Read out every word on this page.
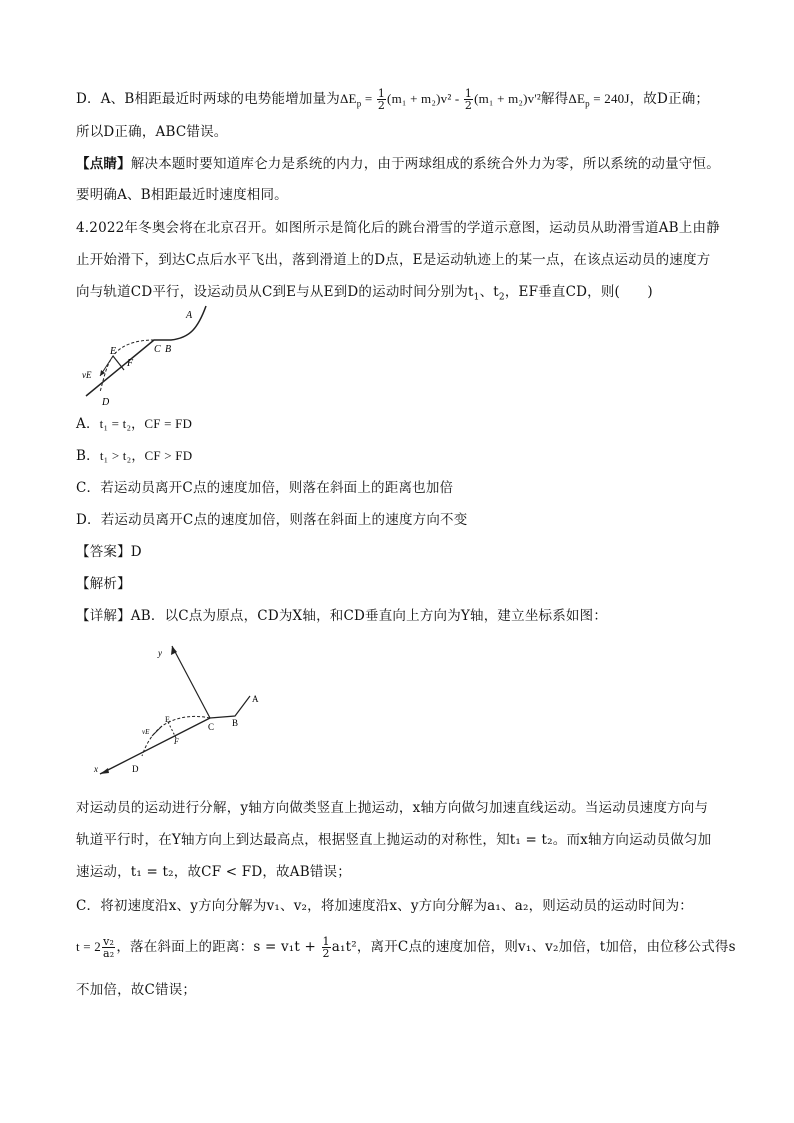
D．A、B相距最近时两球的电势能增加量为$\Delta E_p = \frac{1}{2} (m_1 + m_2)v^2 - \frac{1}{2} (m_1 + m_2)v'^2$解得$\Delta E_p = 240J$，故D正确；
所以D正确，ABC错误。
【点睛】解决本题时要知道库仑力是系统的内力，由于两球组成的系统合外力为零，所以系统的动量守恒。
要明确A、B相距最近时速度相同。
4.2022年冬奥会将在北京召开。如图所示是简化后的跳台滑雪的学道示意图，运动员从助滑雪道AB上由静
止开始滑下，到达C点后水平飞出，落到滑道上的D点，E是运动轨迹上的某一点，在该点运动员的速度方
向与轨道CD平行，设运动员从C到E与从E到D的运动时间分别为$t_1$、$t_2$，EF垂直CD，则(　　)
A
C B
E
F
vE
D
A．t₁ = t₂，CF = FD
B．t₁ > t₂，CF > FD
C．若运动员离开C点的速度加倍，则落在斜面上的距离也加倍
D．若运动员离开C点的速度加倍，则落在斜面上的速度方向不变
【答案】D
【解析】
【详解】AB．以C点为原点，CD为X轴，和CD垂直向上方向为Y轴，建立坐标系如图：
y
A
B
C
E
F
vE
D
x
对运动员的运动进行分解，y轴方向做类竖直上抛运动，x轴方向做匀加速直线运动。当运动员速度方向与
轨道平行时，在Y轴方向上到达最高点，根据竖直上抛运动的对称性，知t₁ = t₂。而x轴方向运动员做匀加
速运动，t₁ = t₂，故CF < FD，故AB错误；
C．将初速度沿x、y方向分解为v₁、v₂，将加速度沿x、y方向分解为a₁、a₂，则运动员的运动时间为：
$t = 2 \frac{\text{v₂}}{\text{a₂}}$ ，落在斜面上的距离：$s = v_1t + \frac{1}{2} a_1t^2$，离开C点的速度加倍，则v₁、v₂加倍，t加倍，由位移公式得s
不加倍，故C错误；
